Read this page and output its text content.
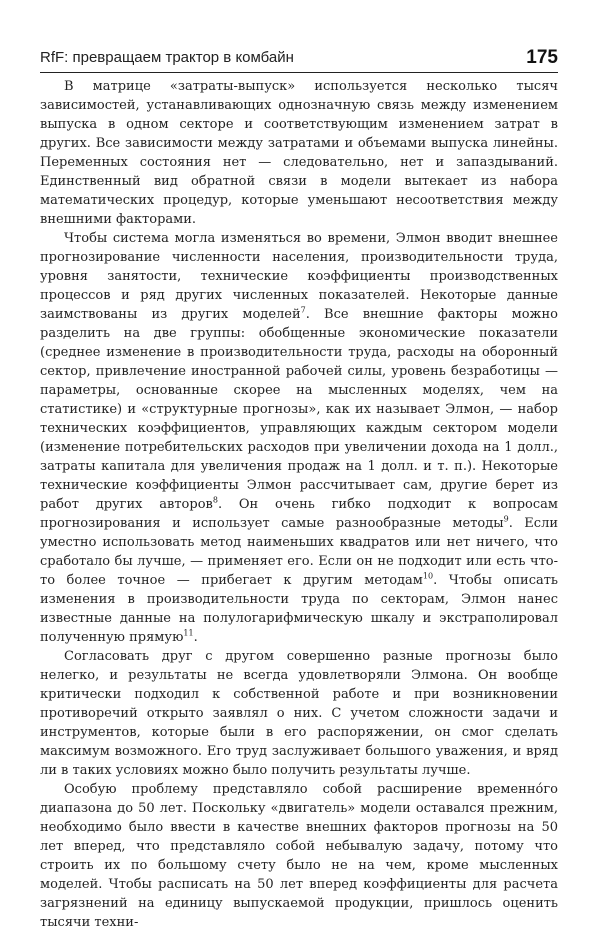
RfF: превращаем трактор в комбайн	175

В матрице «затраты-выпуск» используется несколько тысяч зависимостей, устанавливающих однозначную связь между изменением выпуска в одном секторе и соответствующим изменением затрат в других. Все зависимости между затратами и объемами выпуска линейны. Переменных состояния нет — следовательно, нет и запаздываний. Единственный вид обратной связи в модели вытекает из набора математических процедур, которые уменьшают несоответствия между внешними факторами.

Чтобы система могла изменяться во времени, Элмон вводит внешнее прогнозирование численности населения, производительности труда, уровня занятости, технические коэффициенты производственных процессов и ряд других численных показателей. Некоторые данные заимствованы из других моделей$^7$. Все внешние факторы можно разделить на две группы: обобщенные экономические показатели (среднее изменение в производительности труда, расходы на оборонный сектор, привлечение иностранной рабочей силы, уровень безработицы — параметры, основанные скорее на мысленных моделях, чем на статистике) и «структурные прогнозы», как их называет Элмон, — набор технических коэффициентов, управляющих каждым сектором модели (изменение потребительских расходов при увеличении дохода на 1 долл., затраты капитала для увеличения продаж на 1 долл. и т. п.). Некоторые технические коэффициенты Элмон рассчитывает сам, другие берет из работ других авторов$^8$. Он очень гибко подходит к вопросам прогнозирования и использует самые разнообразные методы$^9$. Если уместно использовать метод наименьших квадратов или нет ничего, что сработало бы лучше, — применяет его. Если он не подходит или есть что-то более точное — прибегает к другим методам$^{10}$. Чтобы описать изменения в производительности труда по секторам, Элмон нанес известные данные на полулогарифмическую шкалу и экстраполировал полученную прямую$^{11}$.

Согласовать друг с другом совершенно разные прогнозы было нелегко, и результаты не всегда удовлетворяли Элмона. Он вообще критически подходил к собственной работе и при возникновении противоречий открыто заявлял о них. С учетом сложности задачи и инструментов, которые были в его распоряжении, он смог сделать максимум возможного. Его труд заслуживает большого уважения, и вряд ли в таких условиях можно было получить результаты лучше.

Особую проблему представляло собой расширение временно́го диапазона до 50 лет. Поскольку «двигатель» модели оставался прежним, необходимо было ввести в качестве внешних факторов прогнозы на 50 лет вперед, что представляло собой небывалую задачу, потому что строить их по большому счету было не на чем, кроме мысленных моделей. Чтобы расписать на 50 лет вперед коэффициенты для расчета загрязнений на единицу выпускаемой продукции, пришлось оценить тысячи техни-
